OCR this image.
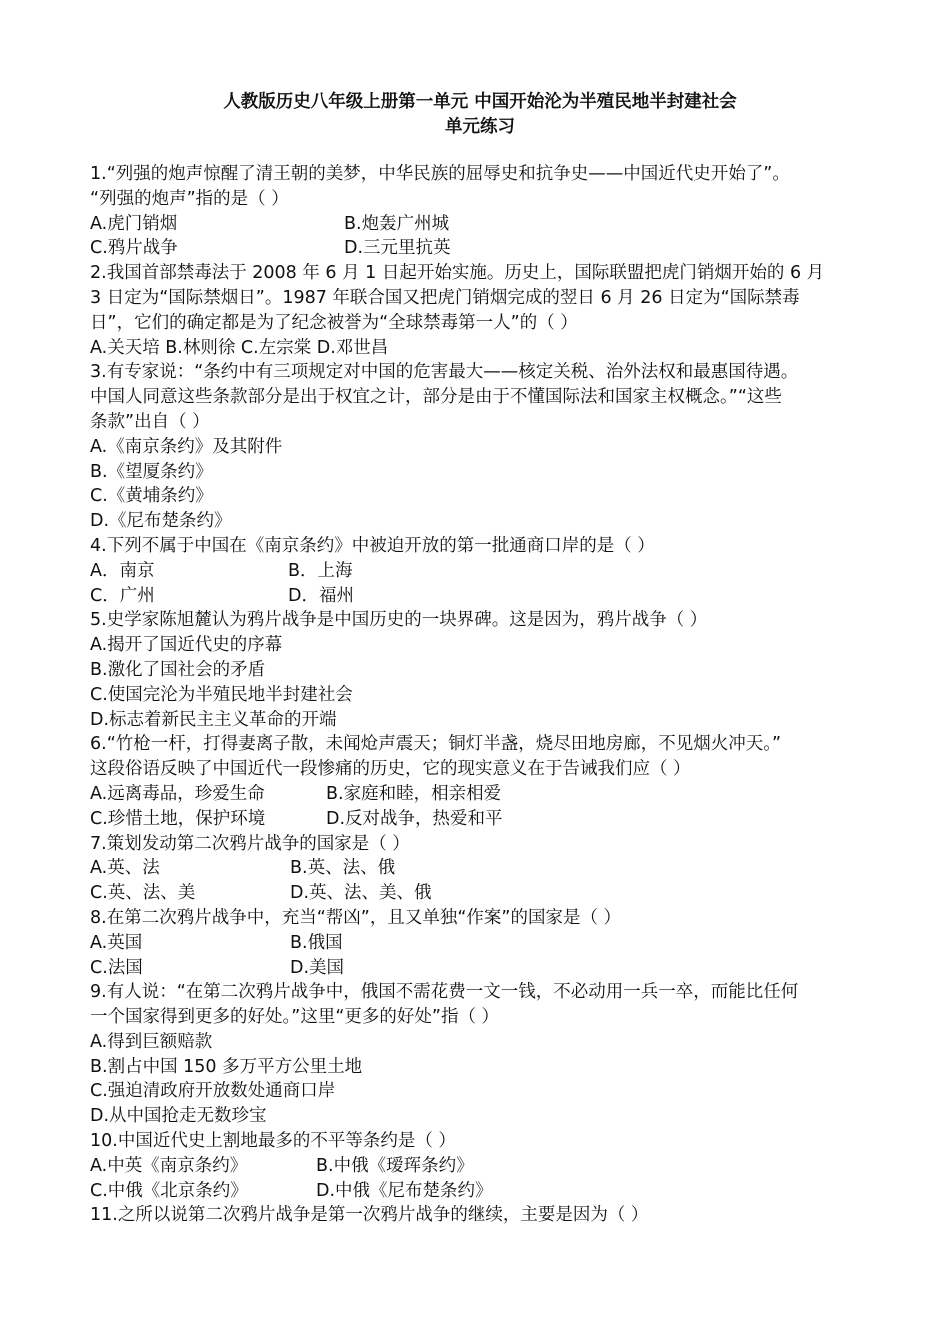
人教版历史八年级上册第一单元 中国开始沦为半殖民地半封建社会
单元练习
1.“列强的炮声惊醒了清王朝的美梦，中华民族的屈辱史和抗争史——中国近代史开始了”。
“列强的炮声”指的是（ ）
A.虎门销烟	B.炮轰广州城
C.鸦片战争	D.三元里抗英
2.我国首部禁毒法于 2008 年 6 月 1 日起开始实施。历史上，国际联盟把虎门销烟开始的 6 月
3 日定为“国际禁烟日”。1987 年联合国又把虎门销烟完成的翌日 6 月 26 日定为“国际禁毒
日”，它们的确定都是为了纪念被誉为“全球禁毒第一人”的（ ）
A.关天培 B.林则徐 C.左宗棠 D.邓世昌
3.有专家说：“条约中有三项规定对中国的危害最大——核定关税、治外法权和最惠国待遇。
中国人同意这些条款部分是出于权宜之计，部分是由于不懂国际法和国家主权概念。”“这些
条款”出自（ ）
A.《南京条约》及其附件
B.《望厦条约》
C.《黄埔条约》
D.《尼布楚条约》
4.下列不属于中国在《南京条约》中被迫开放的第一批通商口岸的是（ ）
A．南京	B．上海
C．广州	D．福州
5.史学家陈旭麓认为鸦片战争是中国历史的一块界碑。这是因为，鸦片战争（ ）
A.揭开了国近代史的序幕
B.激化了国社会的矛盾
C.使国完沦为半殖民地半封建社会
D.标志着新民主主义革命的开端
6.“竹枪一杆，打得妻离子散，未闻炝声震天；铜灯半盏，烧尽田地房廊，不见烟火冲天。”
这段俗语反映了中国近代一段惨痛的历史，它的现实意义在于告诫我们应（ ）
A.远离毒品，珍爱生命	B.家庭和睦，相亲相爱
C.珍惜土地，保护环境	D.反对战争，热爱和平
7.策划发动第二次鸦片战争的国家是（ ）
A.英、法	B.英、法、俄
C.英、法、美	D.英、法、美、俄
8.在第二次鸦片战争中，充当“帮凶”，且又单独“作案”的国家是（ ）
A.英国	B.俄国
C.法国	D.美国
9.有人说：“在第二次鸦片战争中，俄国不需花费一文一钱，不必动用一兵一卒，而能比任何
一个国家得到更多的好处。”这里“更多的好处”指（ ）
A.得到巨额赔款
B.割占中国 150 多万平方公里土地
C.强迫清政府开放数处通商口岸
D.从中国抢走无数珍宝
10.中国近代史上割地最多的不平等条约是（ ）
A.中英《南京条约》	B.中俄《瑷珲条约》
C.中俄《北京条约》	D.中俄《尼布楚条约》
11.之所以说第二次鸦片战争是第一次鸦片战争的继续，主要是因为（ ）
